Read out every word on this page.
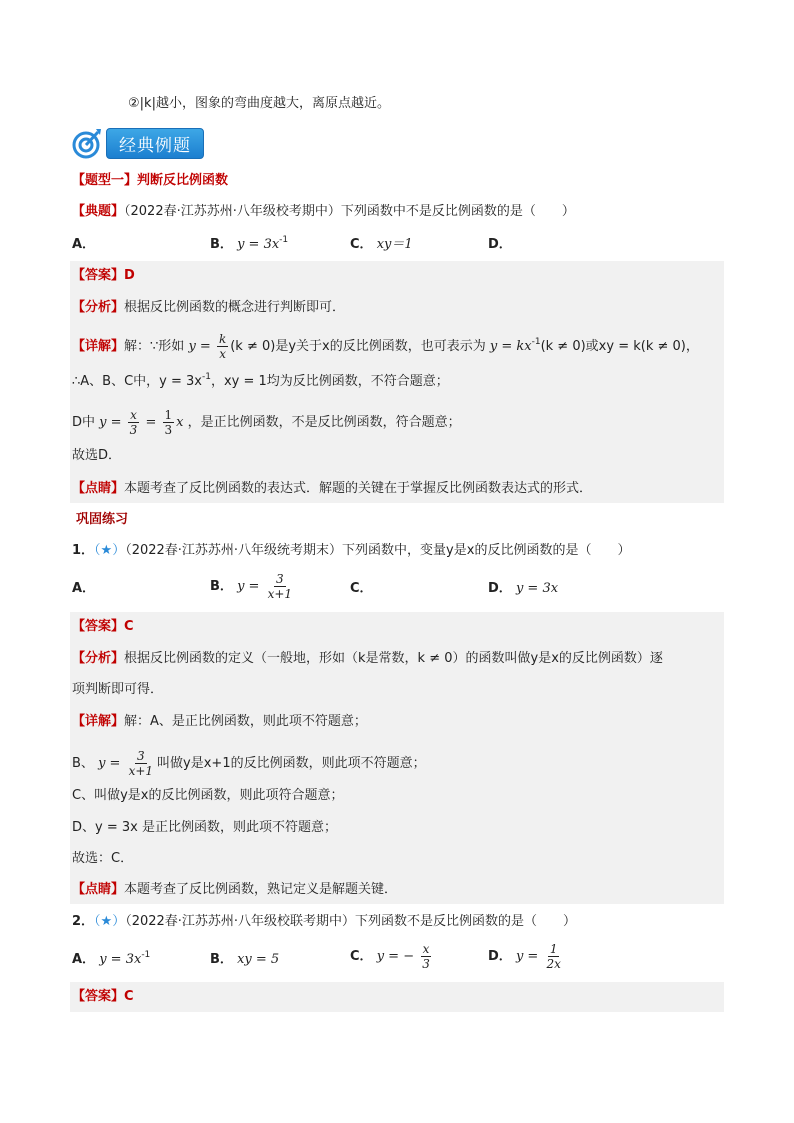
②|k|越小，图象的弯曲度越大，离原点越近。
经典例题
【题型一】判断反比例函数
【典题】（2022春·江苏苏州·八年级校考期中）下列函数中不是反比例函数的是（　　）
A．	B． $y = 3x^{-1}$	C． xy＝1	D．
【答案】D
【分析】根据反比例函数的概念进行判断即可．
【详解】解：∵形如 $y = \frac{k}{x} (k \ne 0)$是y关于x的反比例函数，也可表示为 $y = kx^{-1}(k \ne 0)$或xy = k(k ≠ 0)，
∴A、B、C中，$y = 3x^{-1}$，xy = 1均为反比例函数，不符合题意；
D中 $y = \frac{x}{3} = \frac{1}{3}$ x ，是正比例函数，不是反比例函数，符合题意；
故选D．
【点睛】本题考查了反比例函数的表达式．解题的关键在于掌握反比例函数表达式的形式．
巩固练习
1．（★）（2022春·江苏苏州·八年级统考期末）下列函数中，变量y是x的反比例函数的是（　　）
A．	B． $y = \frac{3}{x+1}$	C．	D． y = 3x
【答案】C
【分析】根据反比例函数的定义（一般地，形如（k是常数，k ≠ 0）的函数叫做y是x的反比例函数）逐
项判断即可得．
【详解】解：A、是正比例函数，则此项不符题意；
B、 $y = \frac{3}{x+1}$ 叫做y是x+1的反比例函数，则此项不符题意；
C、叫做y是x的反比例函数，则此项符合题意；
D、y = 3x 是正比例函数，则此项不符题意；
故选：C．
【点睛】本题考查了反比例函数，熟记定义是解题关键．
2．（★）（2022春·江苏苏州·八年级校联考期中）下列函数不是反比例函数的是（　　）
A． $y = 3x^{-1}$	B． xy = 5	C． y = − $\frac{x}{3}$	D． $y = \frac{1}{2x}$
【答案】C
